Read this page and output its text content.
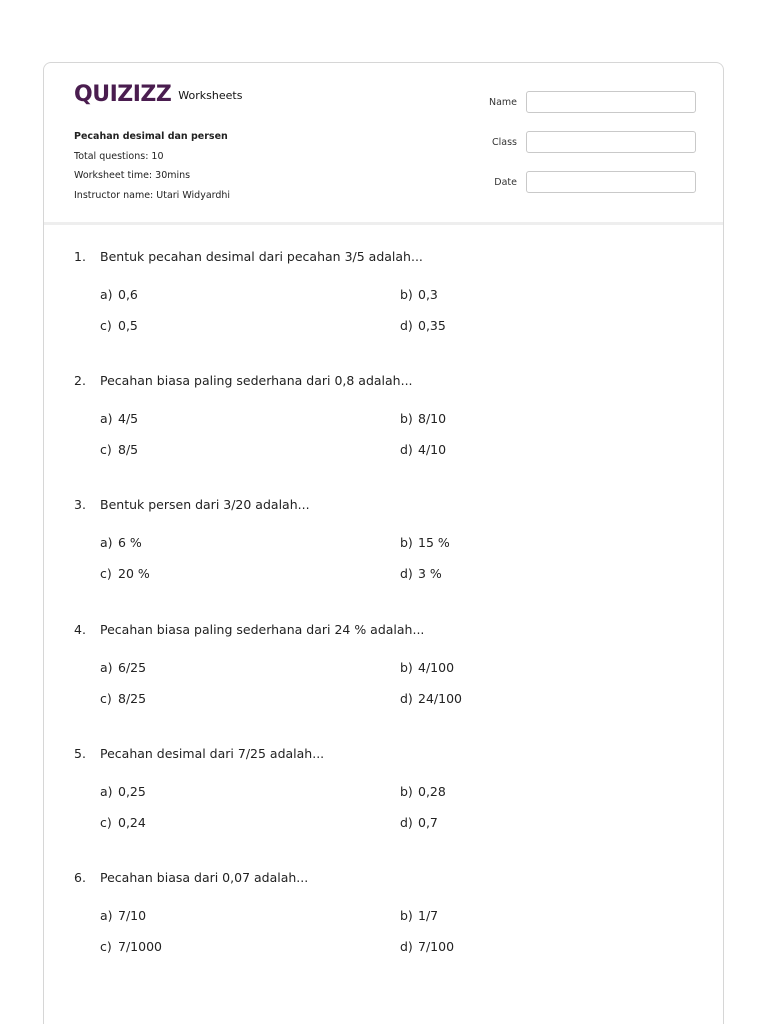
QUIZIZZ Worksheets
Pecahan desimal dan persen
Total questions: 10
Worksheet time: 30mins
Instructor name: Utari Widyardhi
Name
Class
Date
1. Bentuk pecahan desimal dari pecahan 3/5 adalah...
a) 0,6	b) 0,3
c) 0,5	d) 0,35
2. Pecahan biasa paling sederhana dari 0,8 adalah...
a) 4/5	b) 8/10
c) 8/5	d) 4/10
3. Bentuk persen dari 3/20 adalah...
a) 6 %	b) 15 %
c) 20 %	d) 3 %
4. Pecahan biasa paling sederhana dari 24 % adalah...
a) 6/25	b) 4/100
c) 8/25	d) 24/100
5. Pecahan desimal dari 7/25 adalah...
a) 0,25	b) 0,28
c) 0,24	d) 0,7
6. Pecahan biasa dari 0,07 adalah...
a) 7/10	b) 1/7
c) 7/1000	d) 7/100
